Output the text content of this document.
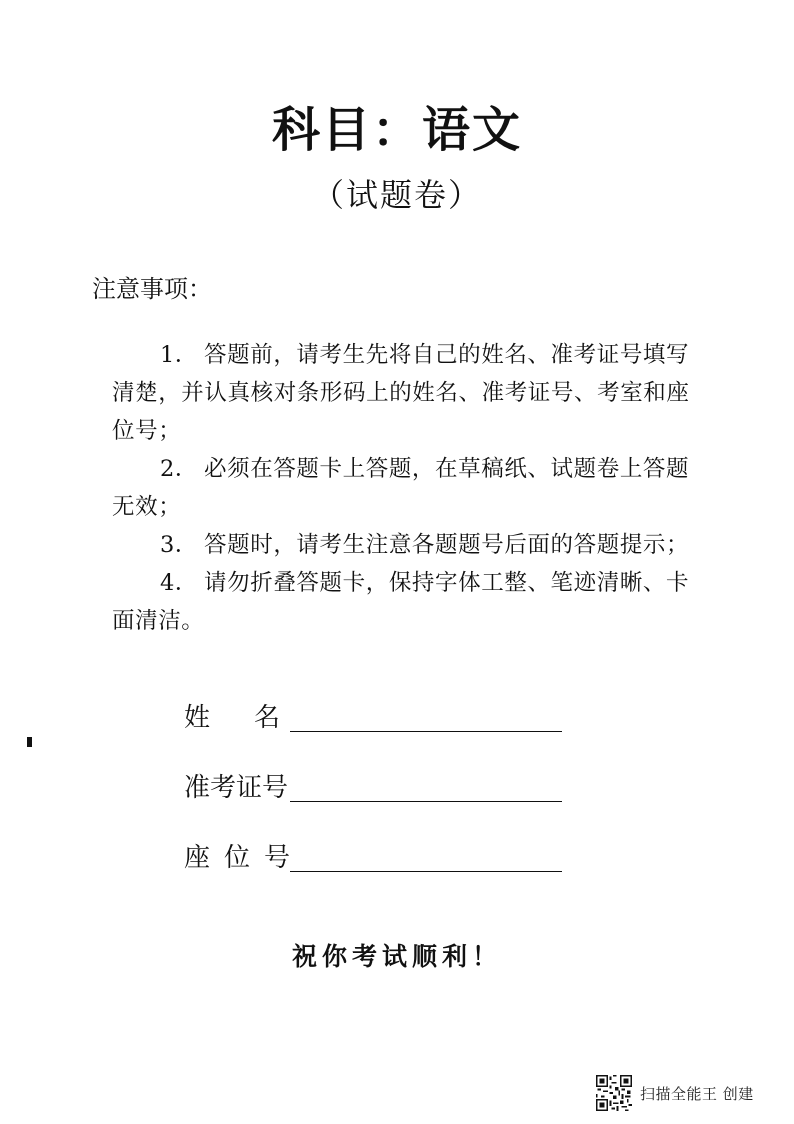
科目：语文
（试题卷）
注意事项：

1． 答题前，请考生先将自己的姓名、准考证号填写清楚，并认真核对条形码上的姓名、准考证号、考室和座位号；

2． 必须在答题卡上答题，在草稿纸、试题卷上答题无效；

3． 答题时，请考生注意各题题号后面的答题提示；

4． 请勿折叠答题卡，保持字体工整、笔迹清晰、卡面清洁。

姓名
准考证号
座位号
祝你考试顺利！
扫描全能王 创建
